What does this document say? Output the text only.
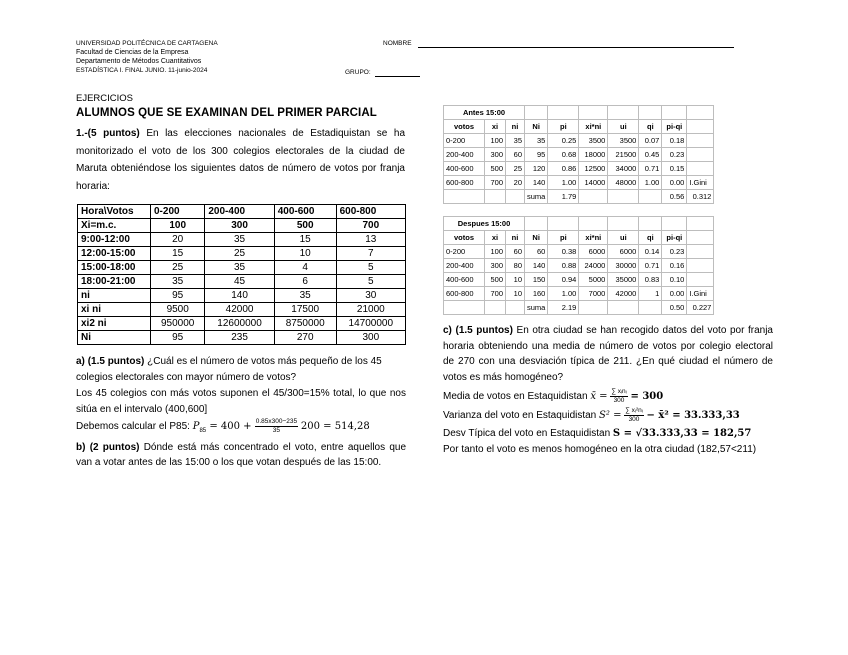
UNIVERSIDAD POLITÉCNICA DE CARTAGENA
Facultad de Ciencias de la Empresa
Departamento de Métodos Cuantitativos
ESTADÍSTICA I. FINAL JUNIO. 11-junio-2024
NOMBRE
GRUPO:
EJERCICIOS
ALUMNOS QUE SE EXAMINAN DEL PRIMER PARCIAL
1.-(5 puntos) En las elecciones nacionales de Estadiquistan se ha monitorizado el voto de los 300 colegios electorales de la ciudad de Maruta obteniéndose los siguientes datos de número de votos por franja horaria:
Hora\Votos	0-200	200-400	400-600	600-800
Xi=m.c.	100	300	500	700
9:00-12:00	20	35	15	13
12:00-15:00	15	25	10	7
15:00-18:00	25	35	4	5
18:00-21:00	35	45	6	5
ni	95	140	35	30
xi ni	9500	42000	17500	21000
xi2 ni	950000	12600000	8750000	14700000
Ni	95	235	270	300
a) (1.5 puntos) ¿Cuál es el número de votos más pequeño de los 45 colegios electorales con mayor número de votos?
Los 45 colegios con más votos suponen el 45/300=15% total, lo que nos sitúa en el intervalo (400,600]
Debemos calcular el P85: $P_{85} = 400 + \frac{0.85x300-235}{35} 200 = 514,28$
b) (2 puntos) Dónde está más concentrado el voto, entre aquellos que van a votar antes de las 15:00 o los que votan después de las 15:00.
Antes 15:00									
votos	xi	ni	Ni	pi	xi*ni	ui	qi	pi-qi	
0-200	100	35	35	0.25	3500	3500	0.07	0.18	
200-400	300	60	95	0.68	18000	21500	0.45	0.23	
400-600	500	25	120	0.86	12500	34000	0.71	0.15	
600-800	700	20	140	1.00	14000	48000	1.00	0.00	I.Gini
			suma	1.79				0.56	0.312
Despues 15:00									
votos	xi	ni	Ni	pi	xi*ni	ui	qi	pi-qi	
0-200	100	60	60	0.38	6000	6000	0.14	0.23	
200-400	300	80	140	0.88	24000	30000	0.71	0.16	
400-600	500	10	150	0.94	5000	35000	0.83	0.10	
600-800	700	10	160	1.00	7000	42000	1	0.00	I.Gini
			suma	2.19				0.50	0.227
c) (1.5 puntos) En otra ciudad se han recogido datos del voto por franja horaria obteniendo una media de número de votos por colegio electoral de 270 con una desviación típica de 211. ¿En qué ciudad el número de votos es más homogéneo?
Media de votos en Estaquidistan x̄ = $\frac{\text{∑ xᵢnᵢ}}{300} = 300$
Varianza del voto en Estaquidistan $S^2 = \frac{\text{∑ xᵢ²nᵢ}}{300}$ − x̄² = 33.333,33
Desv Típica del voto en Estaquidistan S = √33.333,33 = 182,57
Por tanto el voto es menos homogéneo en la otra ciudad (182,57<211)
